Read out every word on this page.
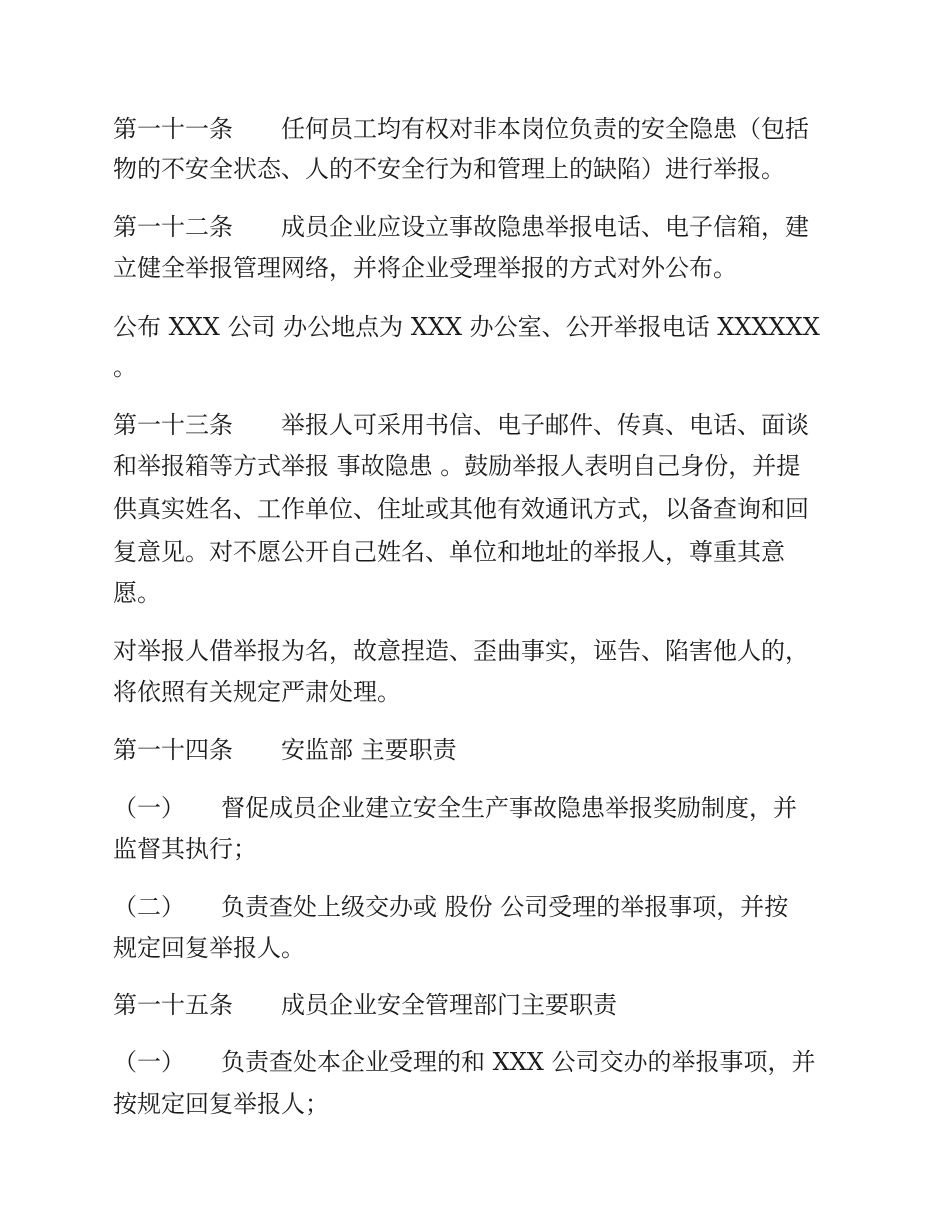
第一十一条　　任何员工均有权对非本岗位负责的安全隐患（包括
物的不安全状态、人的不安全行为和管理上的缺陷）进行举报。
第一十二条　　成员企业应设立事故隐患举报电话、电子信箱，建
立健全举报管理网络，并将企业受理举报的方式对外公布。
公布 XXX 公司 办公地点为 XXX 办公室、公开举报电话 XXXXXX
。
第一十三条　　举报人可采用书信、电子邮件、传真、电话、面谈
和举报箱等方式举报 事故隐患 。鼓励举报人表明自己身份，并提
供真实姓名、工作单位、住址或其他有效通讯方式，以备查询和回
复意见。对不愿公开自己姓名、单位和地址的举报人，尊重其意
愿。
对举报人借举报为名，故意捏造、歪曲事实，诬告、陷害他人的，
将依照有关规定严肃处理。
第一十四条　　安监部 主要职责
（一）　　督促成员企业建立安全生产事故隐患举报奖励制度，并
监督其执行；
（二）　　负责查处上级交办或 股份 公司受理的举报事项，并按
规定回复举报人。
第一十五条　　成员企业安全管理部门主要职责
（一）　　负责查处本企业受理的和 XXX 公司交办的举报事项，并
按规定回复举报人；
